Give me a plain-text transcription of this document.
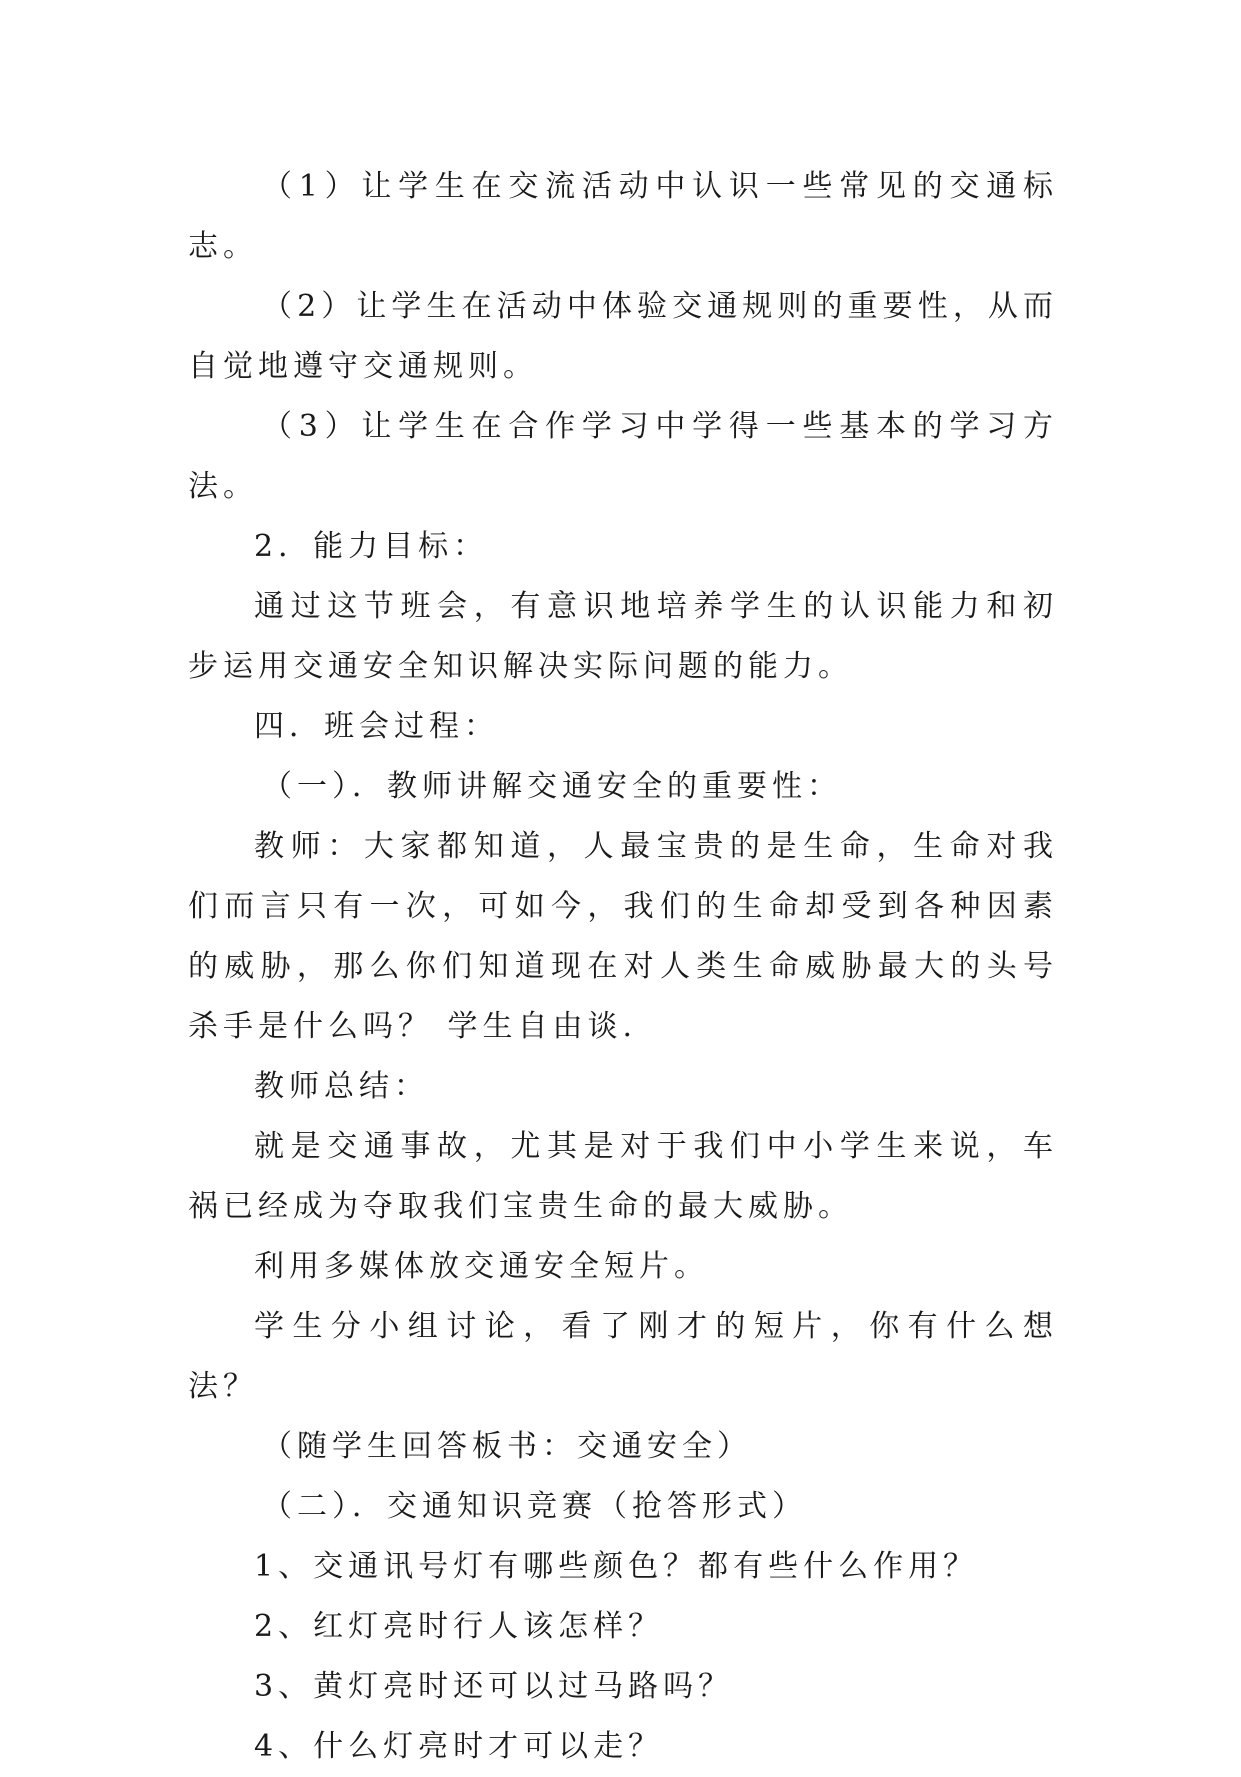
（1）让学生在交流活动中认识一些常见的交通标志。

（2）让学生在活动中体验交通规则的重要性，从而自觉地遵守交通规则。

（3）让学生在合作学习中学得一些基本的学习方法。

2．能力目标：

通过这节班会，有意识地培养学生的认识能力和初步运用交通安全知识解决实际问题的能力。

四．班会过程：

（一）．教师讲解交通安全的重要性：

教师：大家都知道，人最宝贵的是生命，生命对我们而言只有一次，可如今，我们的生命却受到各种因素的威胁，那么你们知道现在对人类生命威胁最大的头号杀手是什么吗？ 学生自由谈.

教师总结：

就是交通事故，尤其是对于我们中小学生来说，车祸已经成为夺取我们宝贵生命的最大威胁。

利用多媒体放交通安全短片。

学生分小组讨论，看了刚才的短片，你有什么想法？

（随学生回答板书：交通安全）

（二）．交通知识竞赛（抢答形式）

1、交通讯号灯有哪些颜色？都有些什么作用？

2、红灯亮时行人该怎样？

3、黄灯亮时还可以过马路吗？

4、什么灯亮时才可以走？
